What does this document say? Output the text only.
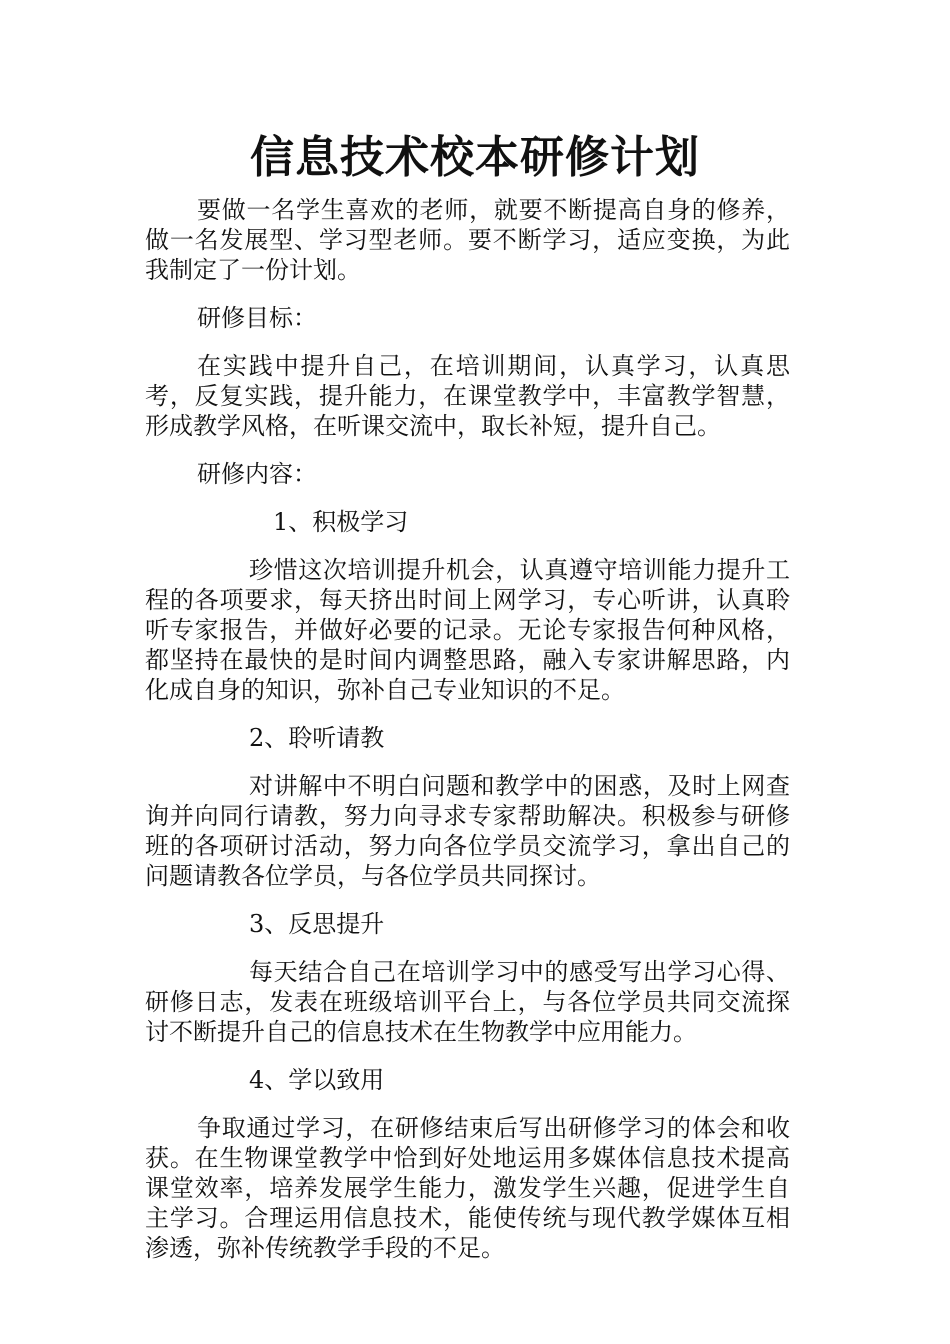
信息技术校本研修计划

要做一名学生喜欢的老师，就要不断提高自身的修养，做一名发展型、学习型老师。要不断学习，适应变换，为此我制定了一份计划。

研修目标：

在实践中提升自己，在培训期间，认真学习，认真思考，反复实践，提升能力，在课堂教学中，丰富教学智慧，形成教学风格，在听课交流中，取长补短，提升自己。

研修内容：

1、积极学习

珍惜这次培训提升机会，认真遵守培训能力提升工程的各项要求，每天挤出时间上网学习，专心听讲，认真聆听专家报告，并做好必要的记录。无论专家报告何种风格，都坚持在最快的是时间内调整思路，融入专家讲解思路，内化成自身的知识，弥补自己专业知识的不足。

2、聆听请教

对讲解中不明白问题和教学中的困惑，及时上网查询并向同行请教，努力向寻求专家帮助解决。积极参与研修班的各项研讨活动，努力向各位学员交流学习，拿出自己的问题请教各位学员，与各位学员共同探讨。

3、反思提升

每天结合自己在培训学习中的感受写出学习心得、研修日志，发表在班级培训平台上，与各位学员共同交流探讨不断提升自己的信息技术在生物教学中应用能力。

4、学以致用

争取通过学习，在研修结束后写出研修学习的体会和收获。在生物课堂教学中恰到好处地运用多媒体信息技术提高课堂效率，培养发展学生能力，激发学生兴趣，促进学生自主学习。合理运用信息技术，能使传统与现代教学媒体互相渗透，弥补传统教学手段的不足。
